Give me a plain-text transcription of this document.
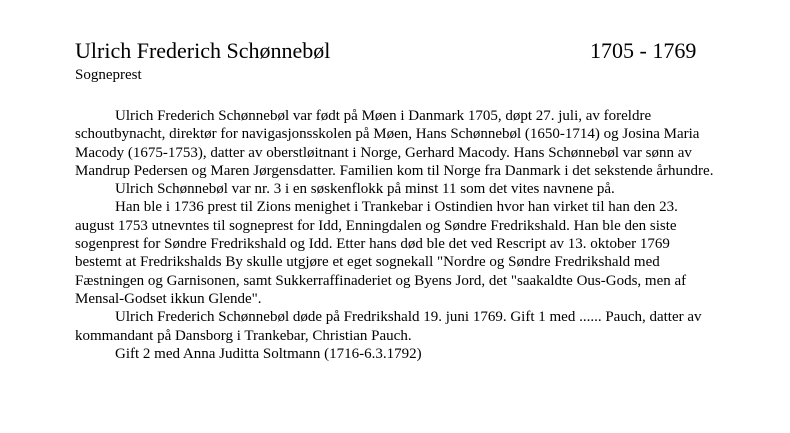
Ulrich Frederich Schønnebøl	1705 - 1769
Sogneprest

Ulrich Frederich Schønnebøl var født på Møen i Danmark 1705, døpt 27. juli, av foreldre schoutbynacht, direktør for navigasjonsskolen på Møen, Hans Schønnebøl (1650-1714) og Josina Maria Macody (1675-1753), datter av oberstløitnant i Norge, Gerhard Macody. Hans Schønnebøl var sønn av Mandrup Pedersen og Maren Jørgensdatter. Familien kom til Norge fra Danmark i det sekstende århundre.

Ulrich Schønnebøl var nr. 3 i en søskenflokk på minst 11 som det vites navnene på.

Han ble i 1736 prest til Zions menighet i Trankebar i Ostindien hvor han virket til han den 23. august 1753 utnevntes til sogneprest for Idd, Enningdalen og Søndre Fredrikshald. Han ble den siste sogenprest for Søndre Fredrikshald og Idd. Etter hans død ble det ved Rescript av 13. oktober 1769 bestemt at Fredrikshalds By skulle utgjøre et eget sognekall "Nordre og Søndre Fredrikshald med Fæstningen og Garnisonen, samt Sukkerraffinaderiet og Byens Jord, det "saakaldte Ous-Gods, men af Mensal-Godset ikkun Glende".

Ulrich Frederich Schønnebøl døde på Fredrikshald 19. juni 1769. Gift 1 med ...... Pauch, datter av kommandant på Dansborg i Trankebar, Christian Pauch.

Gift 2 med Anna Juditta Soltmann (1716-6.3.1792)
